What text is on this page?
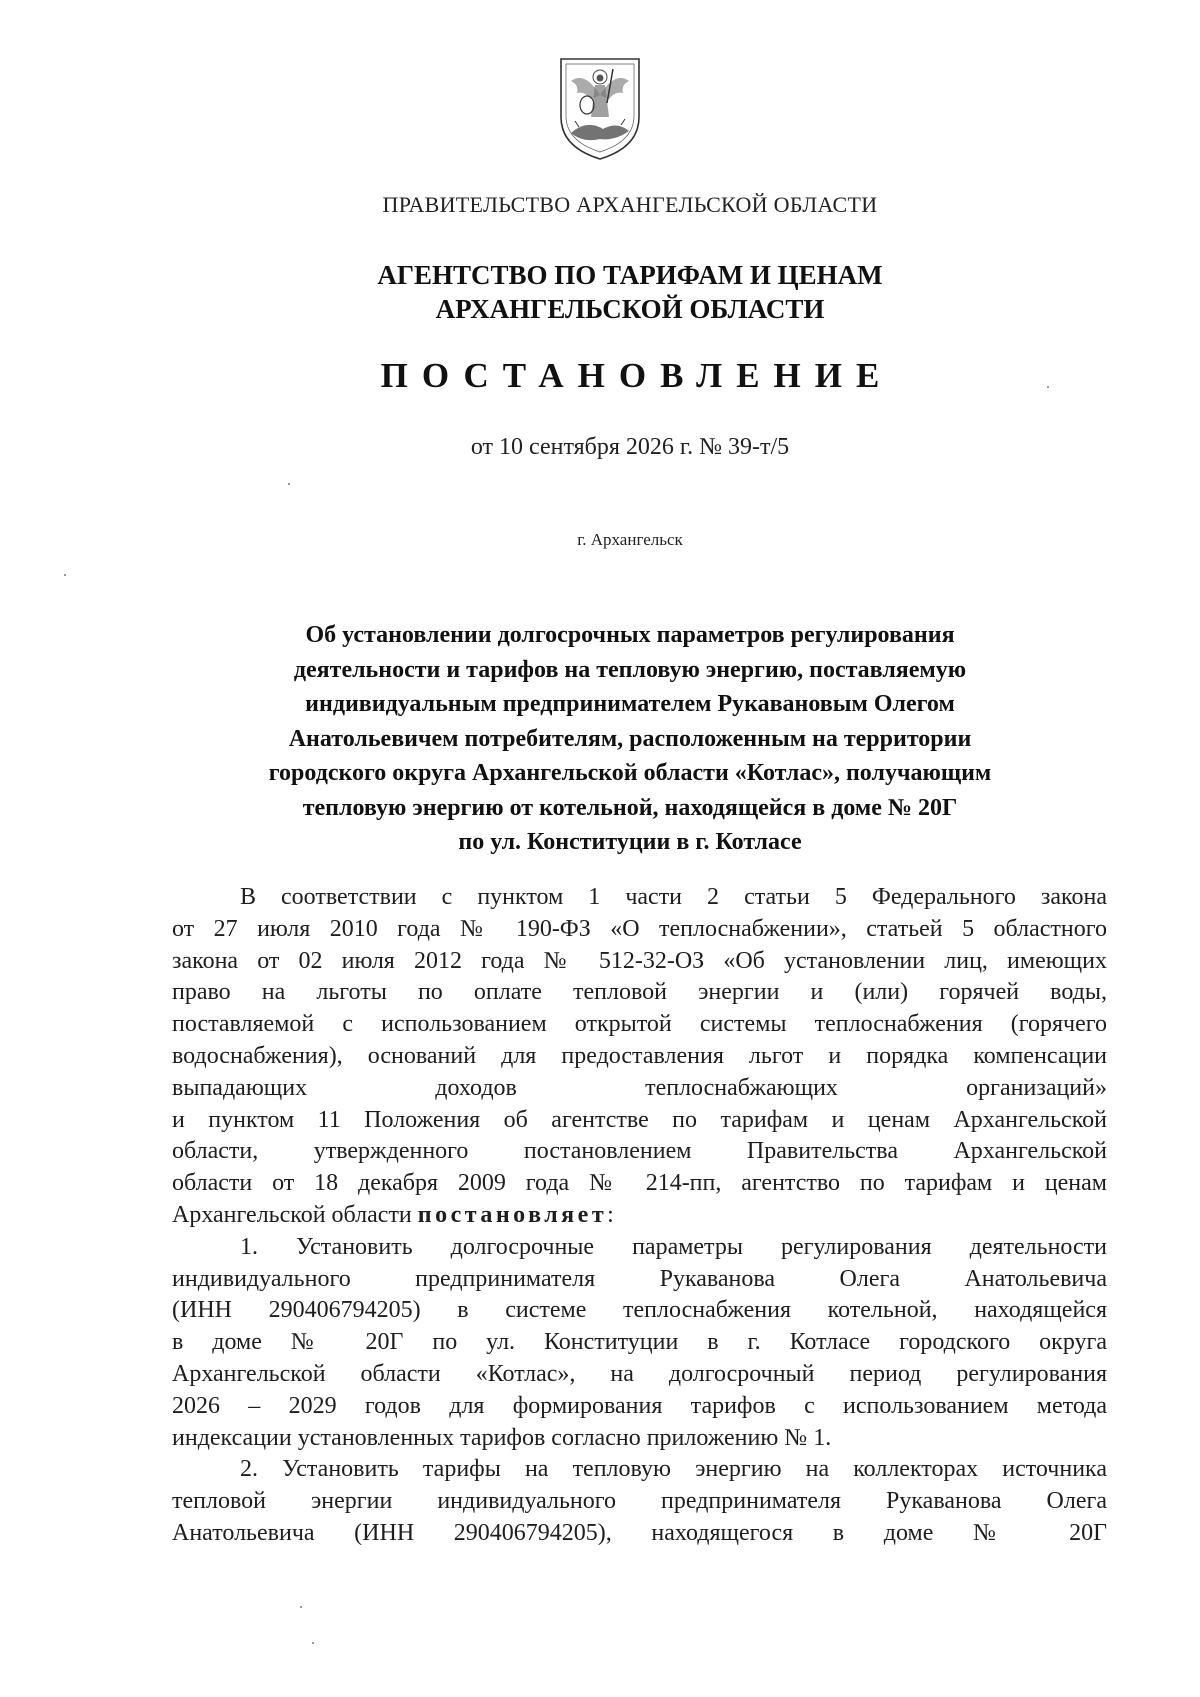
ПРАВИТЕЛЬСТВО АРХАНГЕЛЬСКОЙ ОБЛАСТИ
АГЕНТСТВО ПО ТАРИФАМ И ЦЕНАМ
АРХАНГЕЛЬСКОЙ ОБЛАСТИ
ПОСТАНОВЛЕНИЕ
от 10 сентября 2026 г. № 39-т/5
г. Архангельск
Об установлении долгосрочных параметров регулирования
деятельности и тарифов на тепловую энергию, поставляемую
индивидуальным предпринимателем Рукавановым Олегом
Анатольевичем потребителям, расположенным на территории
городского округа Архангельской области «Котлас», получающим
тепловую энергию от котельной, находящейся в доме № 20Г
по ул. Конституции в г. Котласе
В соответствии с пунктом 1 части 2 статьи 5 Федерального закона
от 27 июля 2010 года № 190-ФЗ «О теплоснабжении», статьей 5 областного
закона от 02 июля 2012 года № 512-32-ОЗ «Об установлении лиц, имеющих
право на льготы по оплате тепловой энергии и (или) горячей воды,
поставляемой с использованием открытой системы теплоснабжения (горячего
водоснабжения), оснований для предоставления льгот и порядка компенсации
выпадающих доходов теплоснабжающих организаций»
и пунктом 11 Положения об агентстве по тарифам и ценам Архангельской
области, утвержденного постановлением Правительства Архангельской
области от 18 декабря 2009 года № 214-пп, агентство по тарифам и ценам
Архангельской области постановляет:
1. Установить долгосрочные параметры регулирования деятельности
индивидуального предпринимателя Рукаванова Олега Анатольевича
(ИНН 290406794205) в системе теплоснабжения котельной, находящейся
в доме № 20Г по ул. Конституции в г. Котласе городского округа
Архангельской области «Котлас», на долгосрочный период регулирования
2026 – 2029 годов для формирования тарифов с использованием метода
индексации установленных тарифов согласно приложению № 1.
2. Установить тарифы на тепловую энергию на коллекторах источника
тепловой энергии индивидуального предпринимателя Рукаванова Олега
Анатольевича (ИНН 290406794205), находящегося в доме № 20Г
